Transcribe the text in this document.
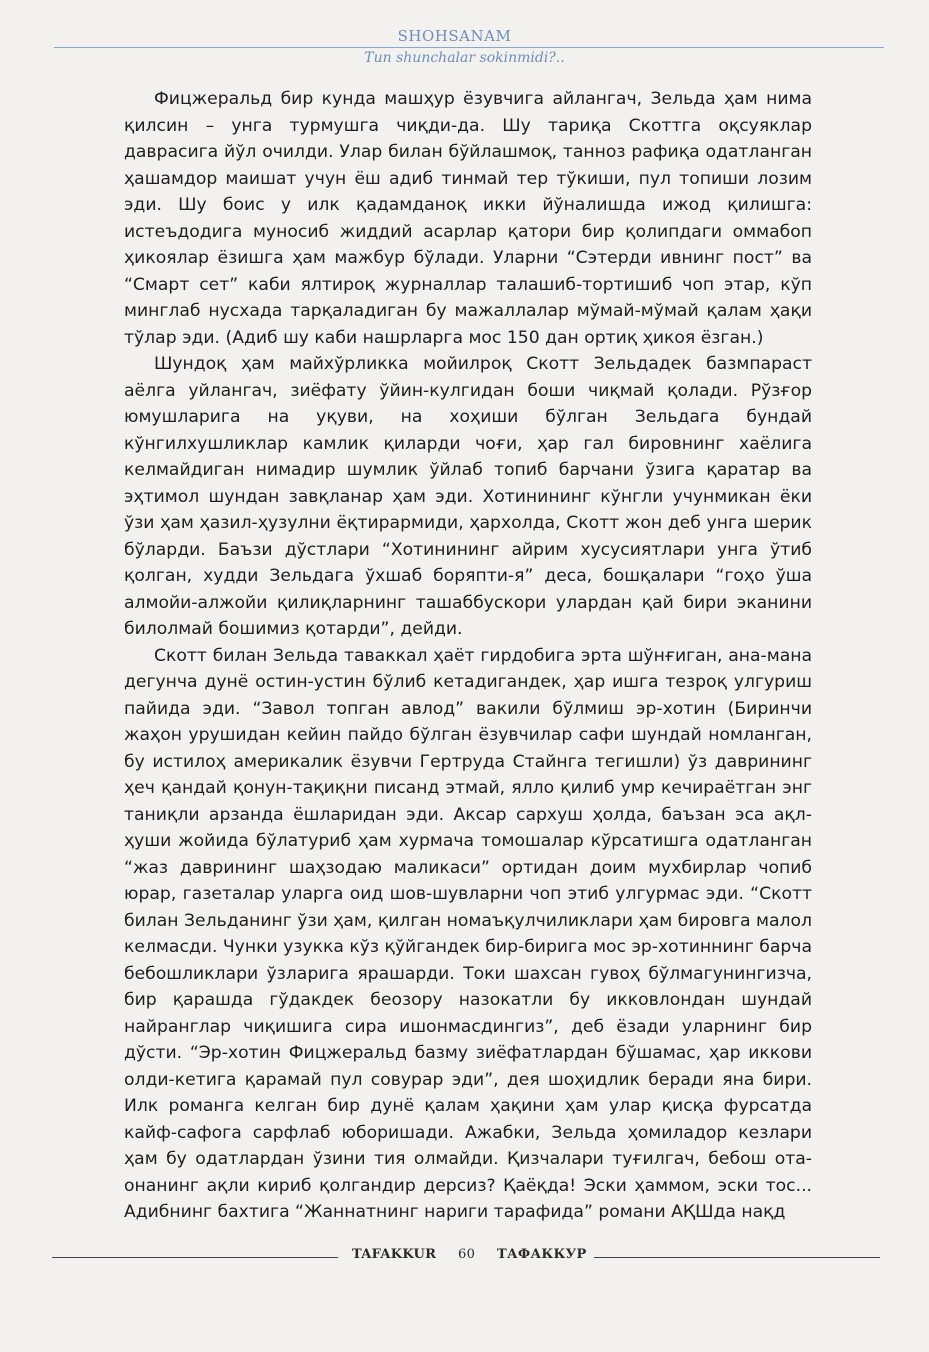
SHOHSANAM
Tun shunchalar sokinmidi?..

Фицжеральд бир кунда машҳур ёзувчига айлангач, Зельда ҳам нима қилсин – унга турмушга чиқди-да. Шу тариқа Скоттга оқсуяклар даврасига йўл очилди. Улар билан бўйлашмоқ, танноз рафиқа одатланган ҳашамдор маишат учун ёш адиб тинмай тер тўкиши, пул топиши лозим эди. Шу боис у илк қадамданоқ икки йўналишда ижод қилишга: истеъдодига муносиб жиддий асарлар қатори бир қолипдаги оммабоп ҳикоялар ёзишга ҳам мажбур бўлади. Уларни “Сэтерди ивнинг пост” ва “Смарт сет” каби ялтироқ журналлар талашиб-тортишиб чоп этар, кўп минглаб нусхада тарқаладиган бу мажаллалар мўмай-мўмай қалам ҳақи тўлар эди. (Адиб шу каби нашрларга мос 150 дан ортиқ ҳикоя ёзган.)

Шундоқ ҳам майхўрликка мойилроқ Скотт Зельдадек базмпараст аёлга уйлангач, зиёфату ўйин-кулгидан боши чиқмай қолади. Рўзғор юмушларига на уқуви, на хоҳиши бўлган Зельдага бундай кўнгилхушликлар камлик қиларди чоғи, ҳар гал бировнинг хаёлига келмайдиган нимадир шумлик ўйлаб топиб барчани ўзига қаратар ва эҳтимол шундан завқланар ҳам эди. Хотинининг кўнгли учунмикан ёки ўзи ҳам ҳазил-ҳузулни ёқтирармиди, ҳархолда, Скотт жон деб унга шерик бўларди. Баъзи дўстлари “Хотинининг айрим хусусиятлари унга ўтиб қолган, худди Зельдага ўхшаб боряпти-я” деса, бошқалари “гоҳо ўша алмойи-алжойи қилиқларнинг ташаббускори улардан қай бири эканини билолмай бошимиз қотарди”, дейди.

Скотт билан Зельда таваккал ҳаёт гирдобига эрта шўнғиган, ана-мана дегунча дунё остин-устин бўлиб кетадигандек, ҳар ишга тезроқ улгуриш пайида эди. “Завол топган авлод” вакили бўлмиш эр-хотин (Биринчи жаҳон урушидан кейин пайдо бўлган ёзувчилар сафи шундай номланган, бу истилоҳ америкалик ёзувчи Гертруда Стайнга тегишли) ўз даврининг ҳеч қандай қонун-тақиқни писанд этмай, яллo қилиб умр кечираётган энг таниқли арзанда ёшларидан эди. Аксар сархуш ҳолда, баъзан эса ақл-ҳуши жойида бўлатуриб ҳам хурмача томошалар кўрсатишга одатланган “жаз даврининг шаҳзодаю маликаси” ортидан доим мухбирлар чопиб юрар, газеталар уларга оид шов-шувларни чоп этиб улгурмас эди. “Скотт билан Зельданинг ўзи ҳам, қилган номаъқулчиликлари ҳам бировга малол келмасди. Чунки узукка кўз қўйгандек бир-бирига мос эр-хотиннинг барча бебошликлари ўзларига ярашарди. Токи шахсан гувоҳ бўлмагунингизча, бир қарашда гўдакдек беозору назокатли бу икковлондан шундай найранглар чиқишига сира ишонмасдингиз”, деб ёзади уларнинг бир дўсти. “Эр-хотин Фицжеральд базму зиёфатлардан бўшамас, ҳар иккови олди-кетига қарамай пул совурар эди”, дея шоҳидлик беради яна бири. Илк романга келган бир дунё қалам ҳақини ҳам улар қисқа фурсатда кайф-сафога сарфлаб юборишади. Ажабки, Зельда ҳомиладор кезлари ҳам бу одатлардан ўзини тия олмайди. Қизчалари туғилгач, бебош ота-онанинг ақли кириб қолгандир дерсиз? Қаёқда! Эски ҳаммом, эски тос... Адибнинг бахтига “Жаннатнинг нариги тарафида” романи АҚШда нақд

TAFAKKUR 60 ТАФАККУР
